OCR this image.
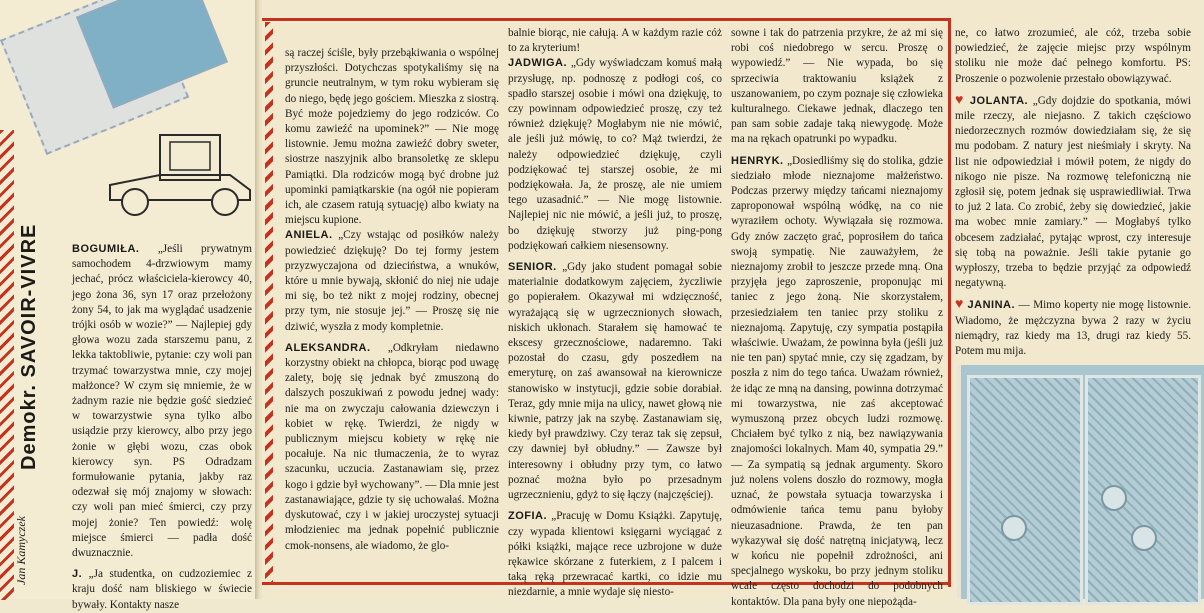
Demokr. SAVOIR-VIVRE
Jan Kamyczek

BOGUMIŁA. „Jeśli prywatnym samochodem 4-drzwiowym mamy jechać, prócz właściciela-kierowcy 40, jego żona 36, syn 17 oraz przełożony żony 54, to jak ma wyglądać usadzenie trójki osób w wozie?” — Najlepiej gdy głowa wozu zada starszemu panu, z lekka taktobliwie, pytanie: czy woli pan trzymać towarzystwa mnie, czy mojej małżonce? W czym się mniemie, że w żadnym razie nie będzie gość siedzieć w towarzystwie syna tylko albo usiądzie przy kierowcy, albo przy jego żonie w głębi wozu, czas obok kierowcy syn. PS Odradzam formułowanie pytania, jakby raz odezwał się mój znajomy w słowach: czy woli pan mieć śmierci, czy przy mojej żonie? Ten powiedź: wolę miejsce śmierci — padła dość dwuznacznie.

J. „Ja studentka, on cudzoziemiec z kraju dość nam bliskiego w świecie bywały. Kontakty nasze

są raczej ściśle, były przebąkiwania o wspólnej przyszłości. Dotychczas spotykaliśmy się na gruncie neutralnym, w tym roku wybieram się do niego, będę jego gościem. Mieszka z siostrą. Być może pojedziemy do jego rodziców. Co komu zawieźć na upominek?” — Nie mogę listownie. Jemu można zawieźć dobry sweter, siostrze naszyjnik albo bransoletkę ze sklepu Pamiątki. Dla rodziców mogą być drobne już upominki pamiątkarskie (na ogół nie popieram ich, ale czasem ratują sytuację) albo kwiaty na miejscu kupione.

ANIELA. „Czy wstając od posiłków należy powiedzieć dziękuję? Do tej formy jestem przyzwyczajona od dzieciństwa, a wnuków, które u mnie bywają, skłonić do niej nie udaje mi się, bo też nikt z mojej rodziny, obecnej przy tym, nie stosuje jej.” — Proszę się nie dziwić, wyszła z mody kompletnie.

ALEKSANDRA. „Odkryłam niedawno korzystny obiekt na chłopca, biorąc pod uwagę zalety, boję się jednak być zmuszoną do dalszych poszukiwań z powodu jednej wady: nie ma on zwyczaju całowania dziewczyn i kobiet w rękę. Twierdzi, że nigdy w publicznym miejscu kobiety w rękę nie pocałuje. Na nic tłumaczenia, że to wyraz szacunku, uczucia. Zastanawiam się, przez kogo i gdzie był wychowany”. — Dla mnie jest zastanawiające, gdzie ty się uchowałaś. Można dyskutować, czy i w jakiej uroczystej sytuacji młodzieniec ma jednak popełnić publicznie cmok-nonsens, ale wiadomo, że glo-

balnie biorąc, nie całują. A w każdym razie cóż to za kryterium!

JADWIGA. „Gdy wyświadczam komuś małą przysługę, np. podnoszę z podłogi coś, co spadło starszej osobie i mówi ona dziękuję, to czy powinnam odpowiedzieć proszę, czy też również dziękuję? Mogłabym nie nie mówić, ale jeśli już mówię, to co? Mąż twierdzi, że należy odpowiedzieć dziękuję, czyli podziękować tej starszej osobie, że mi podziękowała. Ja, że proszę, ale nie umiem tego uzasadnić.” — Nie mogę listownie. Najlepiej nic nie mówić, a jeśli już, to proszę, bo dziękuję stworzy już ping-pong podziękowań całkiem niesensowny.

SENIOR. „Gdy jako student pomagał sobie materialnie dodatkowym zajęciem, życzliwie go popierałem. Okazywał mi wdzięczność, wyrażającą się w ugrzecznionych słowach, niskich ukłonach. Starałem się hamować te ekscesy grzecznościowe, nadaremno. Taki pozostał do czasu, gdy poszedłem na emeryturę, on zaś awansował na kierownicze stanowisko w instytucji, gdzie sobie dorabiał. Teraz, gdy mnie mija na ulicy, nawet głową nie kiwnie, patrzy jak na szybę. Zastanawiam się, kiedy był prawdziwy. Czy teraz tak się zepsuł, czy dawniej był obłudny.” — Zawsze był interesowny i obłudny przy tym, co łatwo poznać można było po przesadnym ugrzecznieniu, gdyż to się łączy (najczęściej).

ZOFIA. „Pracuję w Domu Książki. Zapytuję, czy wypada klientowi księgarni wyciągać z półki książki, mające rece uzbrojone w duże rękawice skórzane z futerkiem, z I palcem i taką ręką przewracać kartki, co idzie mu niezdarnie, a mnie wydaje się niesto-

sowne i tak do patrzenia przykre, że aż mi się robi coś niedobrego w sercu. Proszę o wypowiedź.” — Nie wypada, bo się sprzeciwia traktowaniu książek z uszanowaniem, po czym poznaje się człowieka kulturalnego. Ciekawe jednak, dlaczego ten pan sam sobie zadaje taką niewygodę. Może ma na rękach opatrunki po wypadku.

HENRYK. „Dosiedliśmy się do stolika, gdzie siedziało młode nieznajome małżeństwo. Podczas przerwy między tańcami nieznajomy zaproponował wspólną wódkę, na co nie wyraziłem ochoty. Wywiązała się rozmowa. Gdy znów zaczęto grać, poprosiłem do tańca swoją sympatię. Nie zauważyłem, że nieznajomy zrobił to jeszcze przede mną. Ona przyjęła jego zaproszenie, proponując mi taniec z jego żoną. Nie skorzystałem, przesiedziałem ten taniec przy stoliku z nieznajomą. Zapytuję, czy sympatia postąpiła właściwie. Uważam, że powinna była (jeśli już nie ten pan) spytać mnie, czy się zgadzam, by poszła z nim do tego tańca. Uważam również, że idąc ze mną na dansing, powinna dotrzymać mi towarzystwa, nie zaś akceptować wymuszoną przez obcych ludzi rozmowę. Chciałem być tylko z nią, bez nawiązywania znajomości lokalnych. Mam 40, sympatia 29.” — Za sympatią są jednak argumenty. Skoro już nolens volens doszło do rozmowy, mogła uznać, że powstała sytuacja towarzyska i odmówienie tańca temu panu byłoby nieuzasadnione. Prawda, że ten pan wykazywał się dość natrętną inicjatywą, lecz w końcu nie popełnił zdrożności, ani specjalnego wyskoku, bo przy jednym stoliku wcale często dochodzi do podobnych kontaktów. Dla pana były one niepożąda-

ne, co łatwo zrozumieć, ale cóż, trzeba sobie powiedzieć, że zajęcie miejsc przy wspólnym stoliku nie może dać pełnego komfortu. PS: Proszenie o pozwolenie przestało obowiązywać.

♥ JOLANTA. „Gdy dojdzie do spotkania, mówi mile rzeczy, ale niejasno. Z takich częściowo niedorzecznych rozmów dowiedziałam się, że się mu podobam. Z natury jest nieśmiały i skryty. Na list nie odpowiedział i mówił potem, że nigdy do nikogo nie pisze. Na rozmowę telefoniczną nie zgłosił się, potem jednak się usprawiedliwiał. Trwa to już 2 lata. Co zrobić, żeby się dowiedzieć, jakie ma wobec mnie zamiary.” — Mogłabyś tylko obcesem zadziałać, pytając wprost, czy interesuje się tobą na poważnie. Jeśli takie pytanie go wypłoszy, trzeba to będzie przyjąć za odpowiedź negatywną.

♥ JANINA. — Mimo koperty nie mogę listownie. Wiadomo, że mężczyzna bywa 2 razy w życiu niemądry, raz kiedy ma 13, drugi raz kiedy 55. Potem mu mija.
